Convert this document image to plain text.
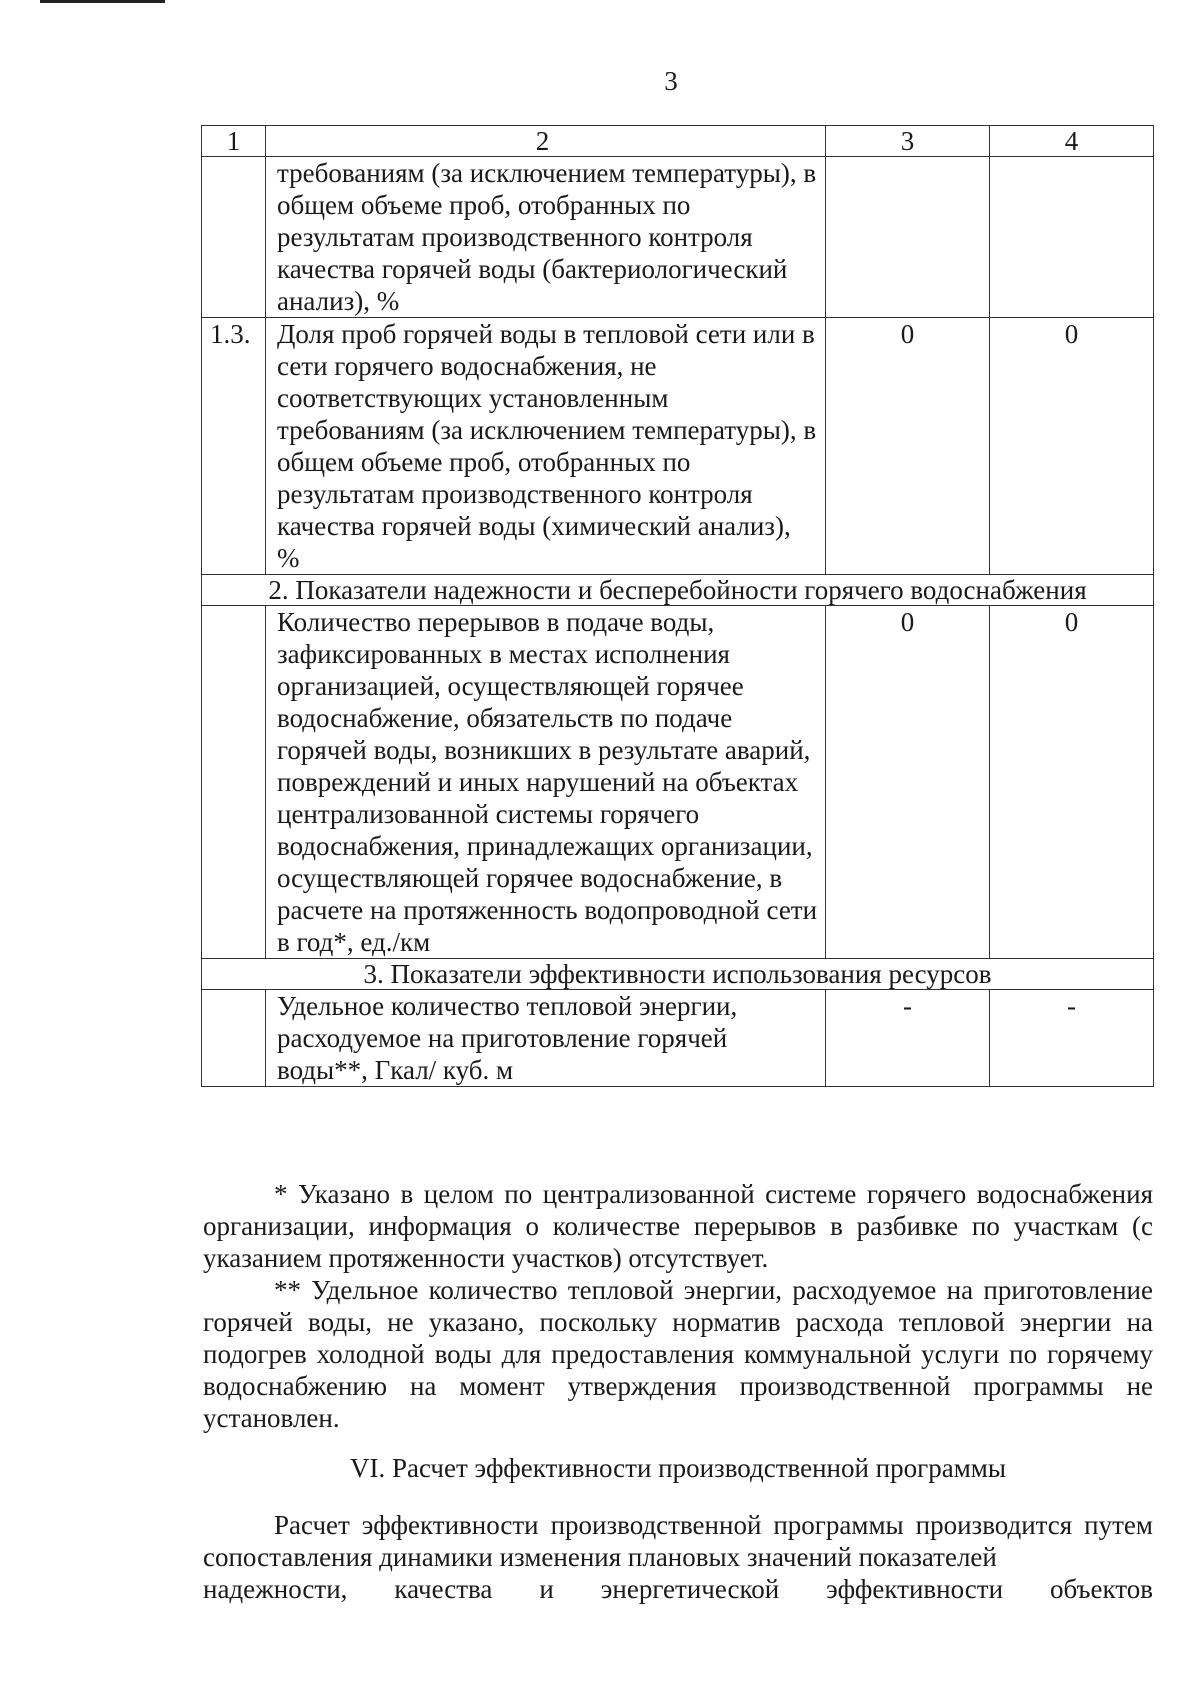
3
1	2	3	4
	требованиям (за исключением температуры), в общем объеме проб, отобранных по результатам производственного контроля качества горячей воды (бактериологический анализ), %		
1.3.	Доля проб горячей воды в тепловой сети или в сети горячего водоснабжения, не соответствующих установленным требованиям (за исключением температуры), в общем объеме проб, отобранных по результатам производственного контроля качества горячей воды (химический анализ), %	0	0
2. Показатели надежности и бесперебойности горячего водоснабжения			
	Количество перерывов в подаче воды, зафиксированных в местах исполнения организацией, осуществляющей горячее водоснабжение, обязательств по подаче горячей воды, возникших в результате аварий, повреждений и иных нарушений на объектах централизованной системы горячего водоснабжения, принадлежащих организации, осуществляющей горячее водоснабжение, в расчете на протяженность водопроводной сети в год*, ед./км	0	0
3. Показатели эффективности использования ресурсов			
	Удельное количество тепловой энергии, расходуемое на приготовление горячей воды**, Гкал/ куб. м	-	-

* Указано в целом по централизованной системе горячего водоснабжения организации, информация о количестве перерывов в разбивке по участкам (с указанием протяженности участков) отсутствует.

** Удельное количество тепловой энергии, расходуемое на приготовление горячей воды, не указано, поскольку норматив расхода тепловой энергии на подогрев холодной воды для предоставления коммунальной услуги по горячему водоснабжению на момент утверждения производственной программы не установлен.

VI. Расчет эффективности производственной программы

Расчет эффективности производственной программы производится путем сопоставления динамики изменения плановых значений показателей

надежности, качества и энергетической эффективности объектов
